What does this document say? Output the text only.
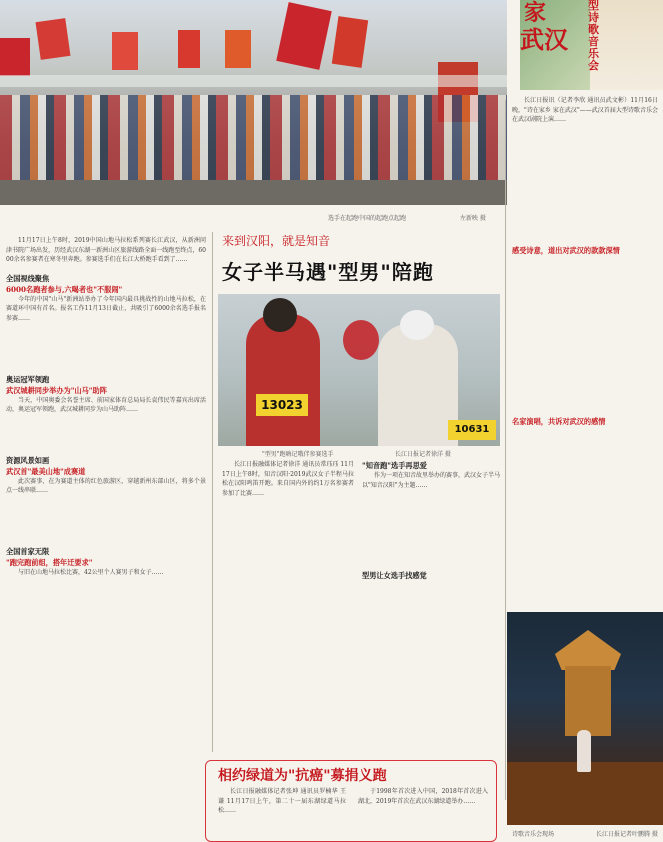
选手在起跑中国的起跑点起跑	左新映 摄
家
武汉
型诗歌音乐会

11月17日上午8时，2019中国山地马拉松系列赛长江武汉，从新洲问津书院广场出发，历经武汉东湖一新洲山区旅游线路全面一线跑至终点，6000余名参赛者在寒冬里奔跑。参赛选手们在长江大桥跑手看到了……

全国视线聚焦
6000名跑者参与,六喝者也"不服闹"

今年的中国"山马"新洲站举办了今年国内最具挑战性的山地马拉松，在赛道环中国有首名。报名工作11月13日截止，共吸引了6000余名选手报名参赛……

奥运冠军领跑
武汉城耕同步举办为"山马"助阵

当天，中国奥委会名誉主席、前国家体育总局局长袁伟民等嘉宾出席活动，奥运冠军领跑，武汉城耕同步为山马助阵……

资源风景如画
武汉首"最美山地"成赛道

此次赛事，在为赛道主体的红色旅游区，穿越新州东部山区，将多个景点一线串联……

全国首家无限
"跑完跑前组，搭年迁要求"

与旧在山地马拉松比赛，42公里个人赛男子和女子……

来到汉阳，就是知音
女子半马遇"型男"陪跑
13023
10631
"型男"跑嗨记哦伴参赛选手	长江日报记者徐洋 摄

长江日报融媒体记者徐洋 通讯员常珏珏 11月17日上午8时，知音汉阳·2019武汉女子半程马拉松在汉阳鸣笛开跑。来自国内外的约1万名参赛者参加了比赛……

"知音跑"选手再思爱

作为一项在知音故里举办的赛事，武汉女子半马以"知音汉阳"为主题……

型男让女选手找感觉
相约绿道为"抗癌"募捐义跑

长江日报融媒体记者张坤 通讯员罗楠华 王谦 11月17日上午，第二十一届东湖绿道马拉松……

于1998年首次进入中国，2018年首次进入湖北，2019年首次在武汉东湖绿道举办……

长江日报讯（记者李欣 通讯员武文彬）11月16日晚，"诗在家乡 家在武汉"——武汉首届大型诗歌音乐会在武汉剧院上演……

感受诗意，道出对武汉的款款深情
名家演唱，共诉对武汉的感情
诗歌音乐会现场	长江日报记者叶鹏腾 摄
